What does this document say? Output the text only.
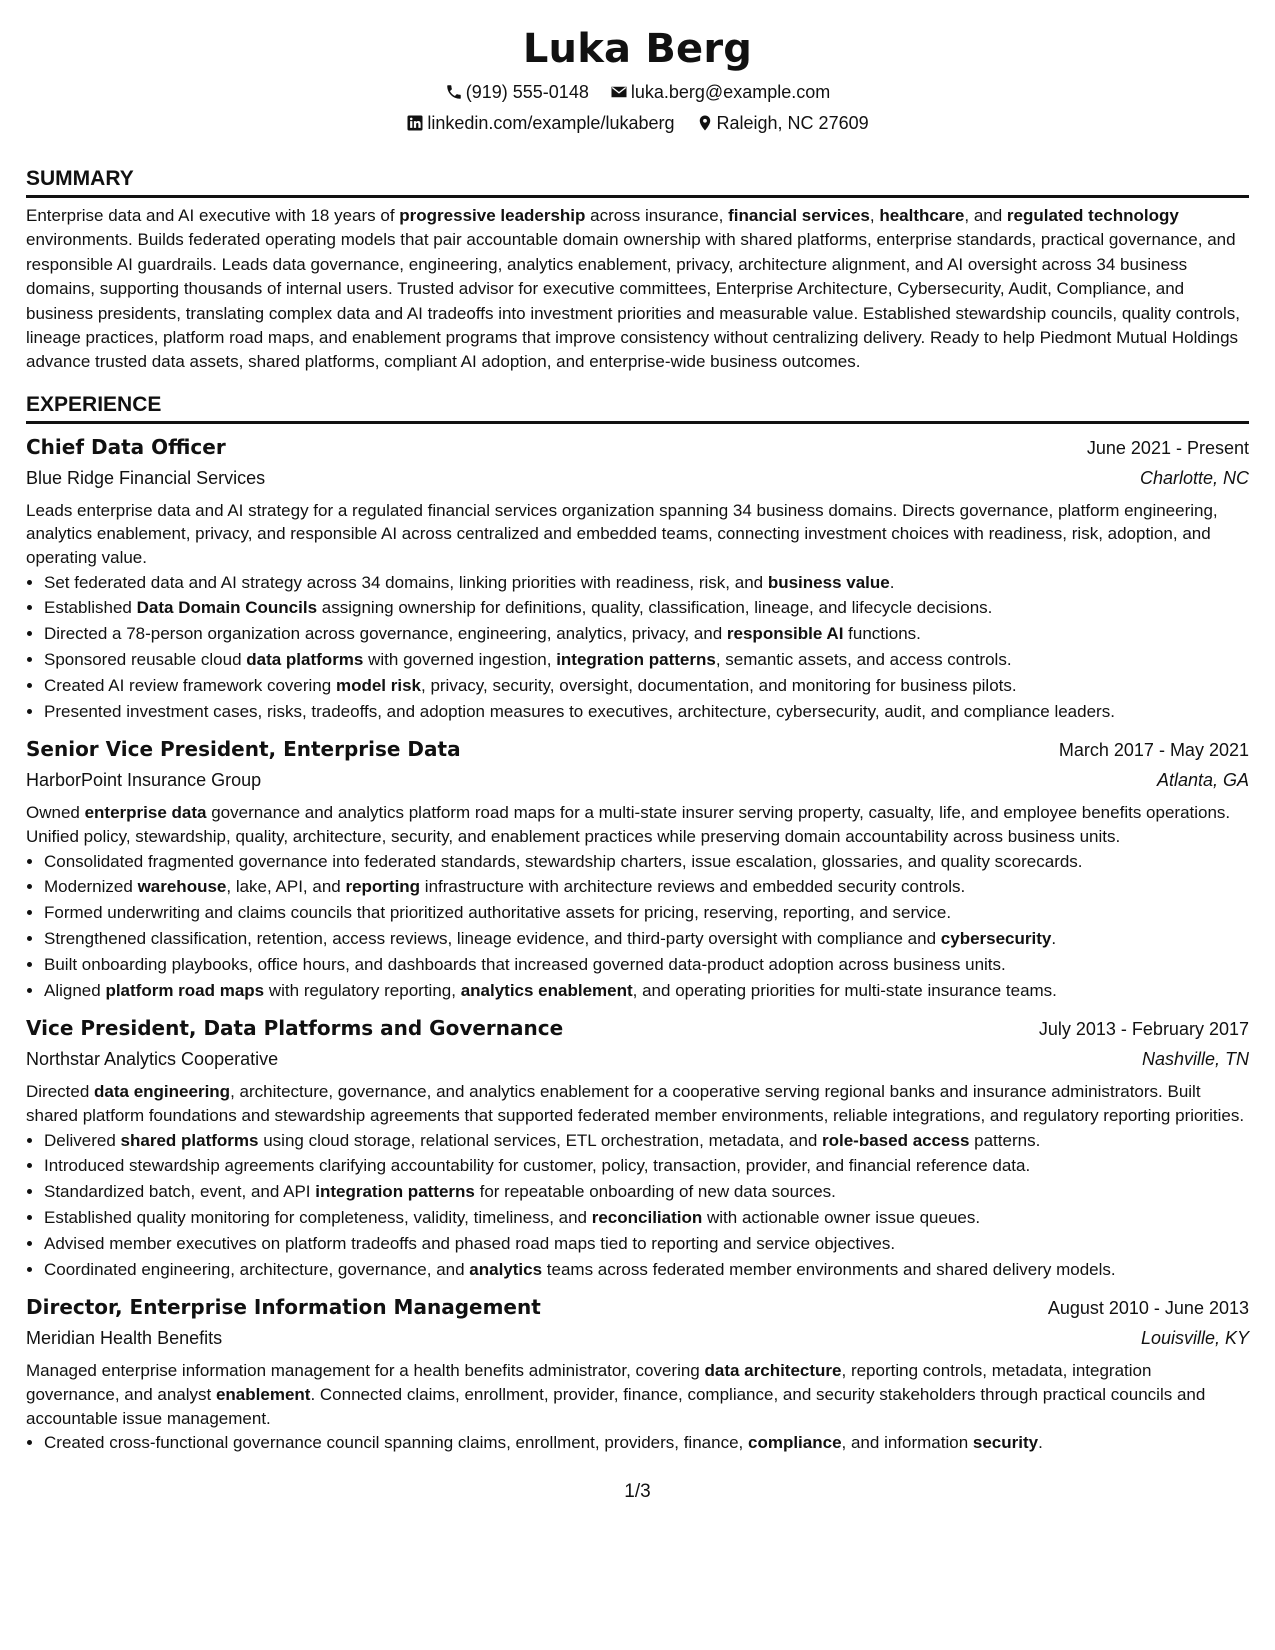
Luka Berg
(919) 555-0148
luka.berg@example.com
linkedin.com/example/lukaberg
Raleigh, NC 27609
SUMMARY
Enterprise data and AI executive with 18 years of progressive leadership across insurance, financial services, healthcare, and regulated technology environments. Builds federated operating models that pair accountable domain ownership with shared platforms, enterprise standards, practical governance, and responsible AI guardrails. Leads data governance, engineering, analytics enablement, privacy, architecture alignment, and AI oversight across 34 business domains, supporting thousands of internal users. Trusted advisor for executive committees, Enterprise Architecture, Cybersecurity, Audit, Compliance, and business presidents, translating complex data and AI tradeoffs into investment priorities and measurable value. Established stewardship councils, quality controls, lineage practices, platform road maps, and enablement programs that improve consistency without centralizing delivery. Ready to help Piedmont Mutual Holdings advance trusted data assets, shared platforms, compliant AI adoption, and enterprise-wide business outcomes.
EXPERIENCE
Chief Data Officer	June 2021 - Present
Blue Ridge Financial Services	Charlotte, NC
Leads enterprise data and AI strategy for a regulated financial services organization spanning 34 business domains. Directs governance, platform engineering, analytics enablement, privacy, and responsible AI across centralized and embedded teams, connecting investment choices with readiness, risk, adoption, and operating value.
• Set federated data and AI strategy across 34 domains, linking priorities with readiness, risk, and business value.
• Established Data Domain Councils assigning ownership for definitions, quality, classification, lineage, and lifecycle decisions.
• Directed a 78-person organization across governance, engineering, analytics, privacy, and responsible AI functions.
• Sponsored reusable cloud data platforms with governed ingestion, integration patterns, semantic assets, and access controls.
• Created AI review framework covering model risk, privacy, security, oversight, documentation, and monitoring for business pilots.
• Presented investment cases, risks, tradeoffs, and adoption measures to executives, architecture, cybersecurity, audit, and compliance leaders.
Senior Vice President, Enterprise Data	March 2017 - May 2021
HarborPoint Insurance Group	Atlanta, GA
Owned enterprise data governance and analytics platform road maps for a multi-state insurer serving property, casualty, life, and employee benefits operations. Unified policy, stewardship, quality, architecture, security, and enablement practices while preserving domain accountability across business units.
• Consolidated fragmented governance into federated standards, stewardship charters, issue escalation, glossaries, and quality scorecards.
• Modernized warehouse, lake, API, and reporting infrastructure with architecture reviews and embedded security controls.
• Formed underwriting and claims councils that prioritized authoritative assets for pricing, reserving, reporting, and service.
• Strengthened classification, retention, access reviews, lineage evidence, and third-party oversight with compliance and cybersecurity.
• Built onboarding playbooks, office hours, and dashboards that increased governed data-product adoption across business units.
• Aligned platform road maps with regulatory reporting, analytics enablement, and operating priorities for multi-state insurance teams.
Vice President, Data Platforms and Governance	July 2013 - February 2017
Northstar Analytics Cooperative	Nashville, TN
Directed data engineering, architecture, governance, and analytics enablement for a cooperative serving regional banks and insurance administrators. Built shared platform foundations and stewardship agreements that supported federated member environments, reliable integrations, and regulatory reporting priorities.
• Delivered shared platforms using cloud storage, relational services, ETL orchestration, metadata, and role-based access patterns.
• Introduced stewardship agreements clarifying accountability for customer, policy, transaction, provider, and financial reference data.
• Standardized batch, event, and API integration patterns for repeatable onboarding of new data sources.
• Established quality monitoring for completeness, validity, timeliness, and reconciliation with actionable owner issue queues.
• Advised member executives on platform tradeoffs and phased road maps tied to reporting and service objectives.
• Coordinated engineering, architecture, governance, and analytics teams across federated member environments and shared delivery models.
Director, Enterprise Information Management	August 2010 - June 2013
Meridian Health Benefits	Louisville, KY
Managed enterprise information management for a health benefits administrator, covering data architecture, reporting controls, metadata, integration governance, and analyst enablement. Connected claims, enrollment, provider, finance, compliance, and security stakeholders through practical councils and accountable issue management.
• Created cross-functional governance council spanning claims, enrollment, providers, finance, compliance, and information security.
1/3
